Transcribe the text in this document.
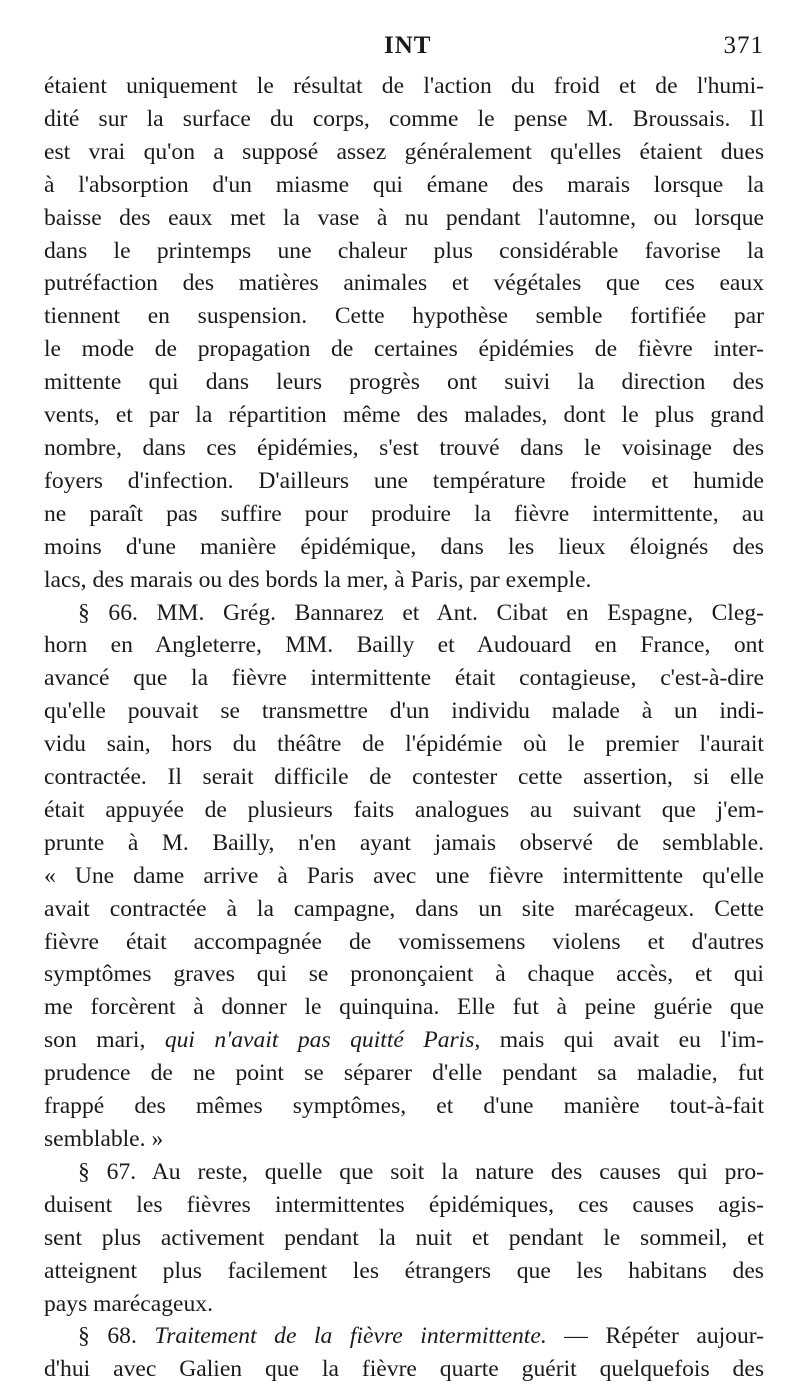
INT	371

étaient uniquement le résultat de l'action du froid et de l'humi-
dité sur la surface du corps, comme le pense M. Broussais. Il
est vrai qu'on a supposé assez généralement qu'elles étaient dues
à l'absorption d'un miasme qui émane des marais lorsque la
baisse des eaux met la vase à nu pendant l'automne, ou lorsque
dans le printemps une chaleur plus considérable favorise la
putréfaction des matières animales et végétales que ces eaux
tiennent en suspension. Cette hypothèse semble fortifiée par
le mode de propagation de certaines épidémies de fièvre inter-
mittente qui dans leurs progrès ont suivi la direction des
vents, et par la répartition même des malades, dont le plus grand
nombre, dans ces épidémies, s'est trouvé dans le voisinage des
foyers d'infection. D'ailleurs une température froide et humide
ne paraît pas suffire pour produire la fièvre intermittente, au
moins d'une manière épidémique, dans les lieux éloignés des
lacs, des marais ou des bords la mer, à Paris, par exemple.

§ 66. MM. Grég. Bannarez et Ant. Cibat en Espagne, Cleg-
horn en Angleterre, MM. Bailly et Audouard en France, ont
avancé que la fièvre intermittente était contagieuse, c'est-à-dire
qu'elle pouvait se transmettre d'un individu malade à un indi-
vidu sain, hors du théâtre de l'épidémie où le premier l'aurait
contractée. Il serait difficile de contester cette assertion, si elle
était appuyée de plusieurs faits analogues au suivant que j'em-
prunte à M. Bailly, n'en ayant jamais observé de semblable.
« Une dame arrive à Paris avec une fièvre intermittente qu'elle
avait contractée à la campagne, dans un site marécageux. Cette
fièvre était accompagnée de vomissemens violens et d'autres
symptômes graves qui se prononçaient à chaque accès, et qui
me forcèrent à donner le quinquina. Elle fut à peine guérie que
son mari, qui n'avait pas quitté Paris, mais qui avait eu l'im-
prudence de ne point se séparer d'elle pendant sa maladie, fut
frappé des mêmes symptômes, et d'une manière tout-à-fait
semblable. »

§ 67. Au reste, quelle que soit la nature des causes qui pro-
duisent les fièvres intermittentes épidémiques, ces causes agis-
sent plus activement pendant la nuit et pendant le sommeil, et
atteignent plus facilement les étrangers que les habitans des
pays marécageux.

§ 68. Traitement de la fièvre intermittente. — Répéter aujour-
d'hui avec Galien que la fièvre quarte guérit quelquefois des
